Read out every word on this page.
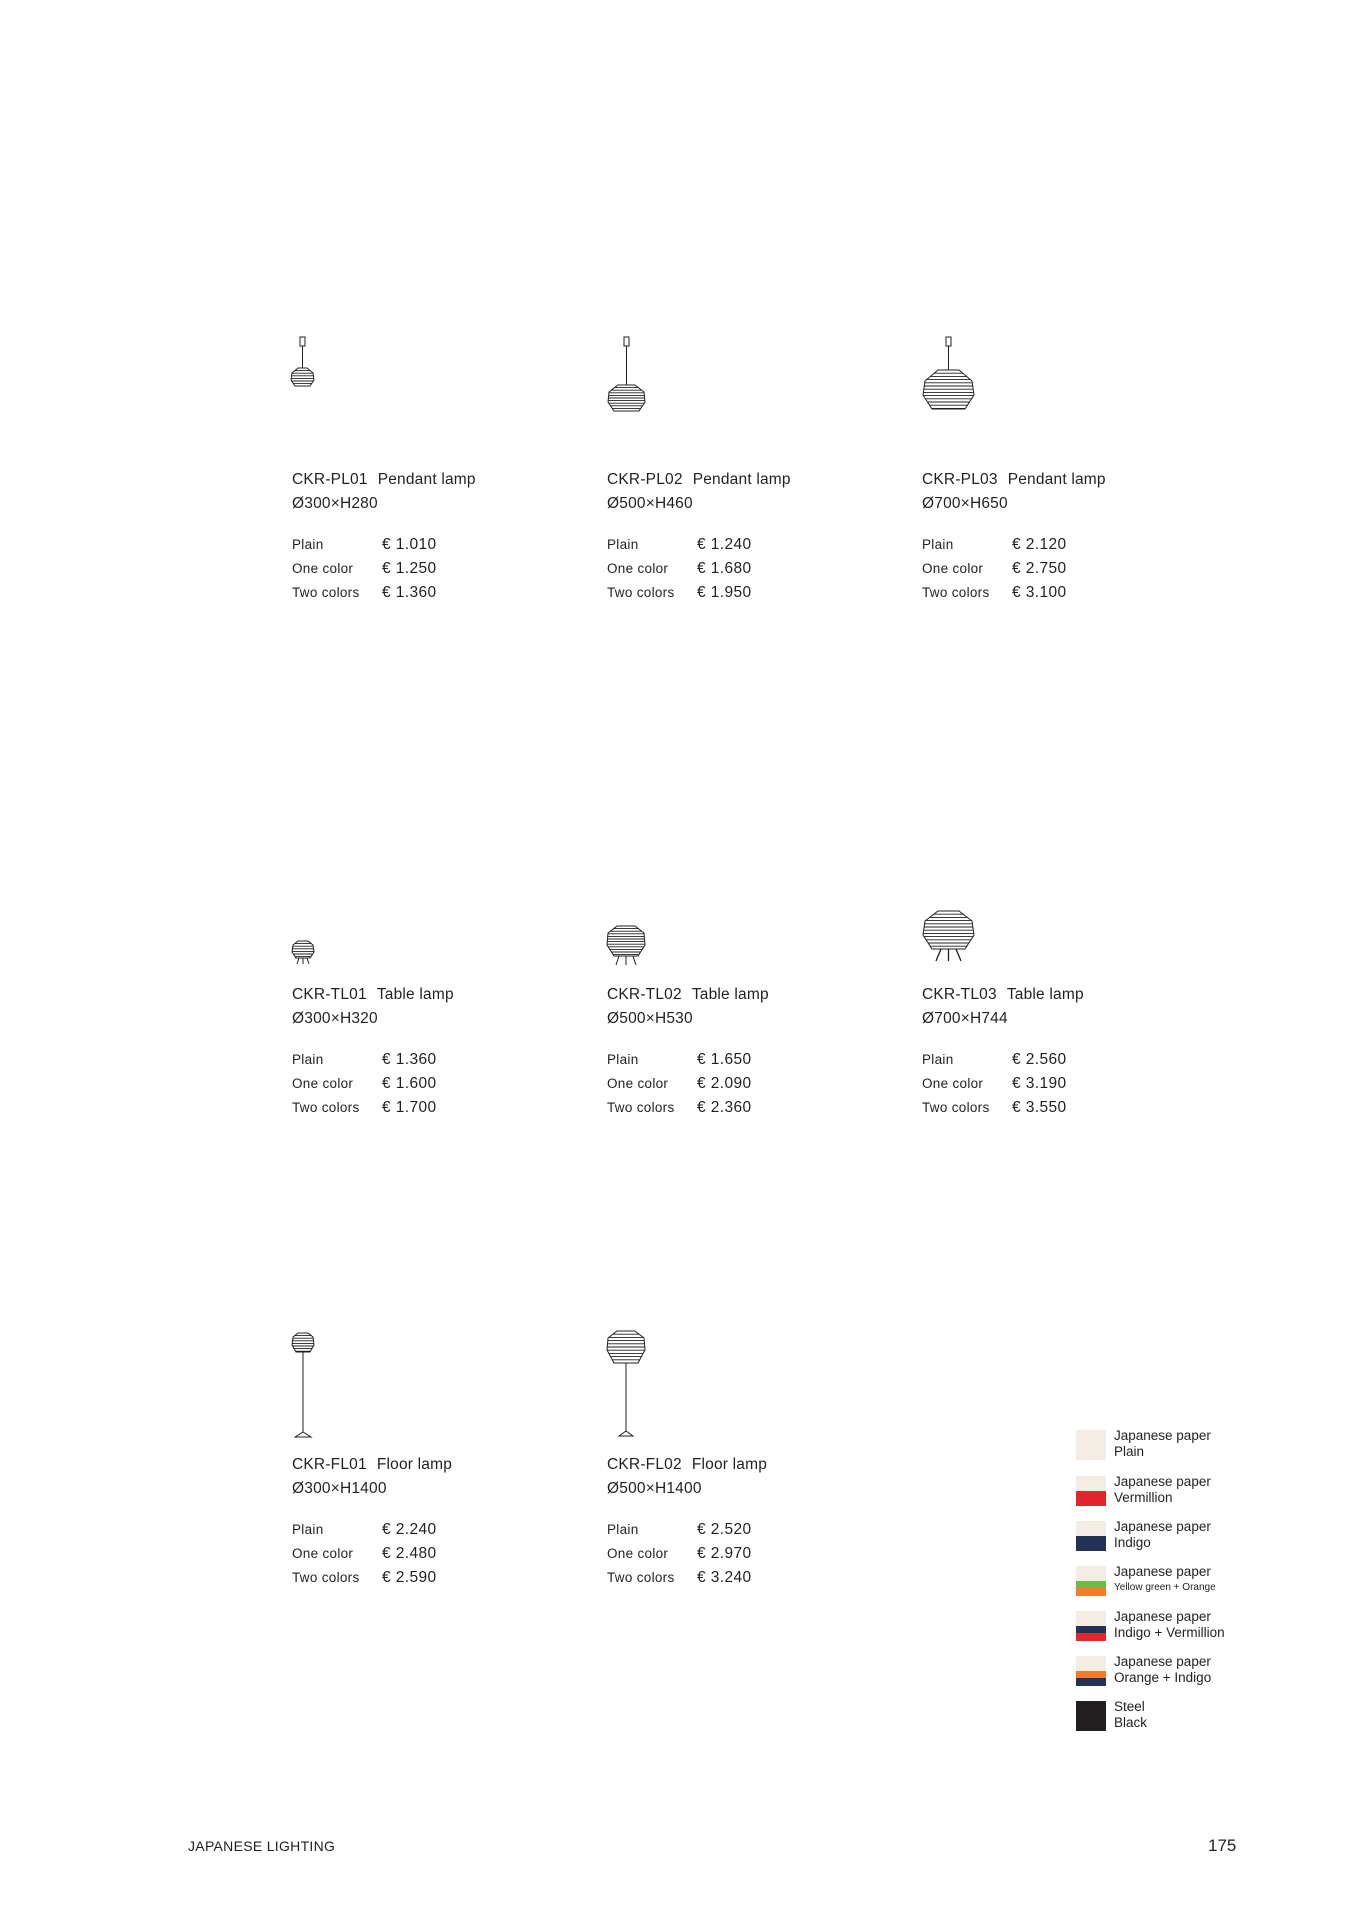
CKR-PL01 Pendant lamp
Ø300×H280
Plain	€ 1.010
One color	€ 1.250
Two colors	€ 1.360
CKR-PL02 Pendant lamp
Ø500×H460
Plain	€ 1.240
One color	€ 1.680
Two colors	€ 1.950
CKR-PL03 Pendant lamp
Ø700×H650
Plain	€ 2.120
One color	€ 2.750
Two colors	€ 3.100
CKR-TL01 Table lamp
Ø300×H320
Plain	€ 1.360
One color	€ 1.600
Two colors	€ 1.700
CKR-TL02 Table lamp
Ø500×H530
Plain	€ 1.650
One color	€ 2.090
Two colors	€ 2.360
CKR-TL03 Table lamp
Ø700×H744
Plain	€ 2.560
One color	€ 3.190
Two colors	€ 3.550
CKR-FL01 Floor lamp
Ø300×H1400
Plain	€ 2.240
One color	€ 2.480
Two colors	€ 2.590
CKR-FL02 Floor lamp
Ø500×H1400
Plain	€ 2.520
One color	€ 2.970
Two colors	€ 3.240
Japanese paper
Plain
Japanese paper
Vermillion
Japanese paper
Indigo
Japanese paper
Yellow green + Orange
Japanese paper
Indigo + Vermillion
Japanese paper
Orange + Indigo
Steel
Black
JAPANESE LIGHTING	175
